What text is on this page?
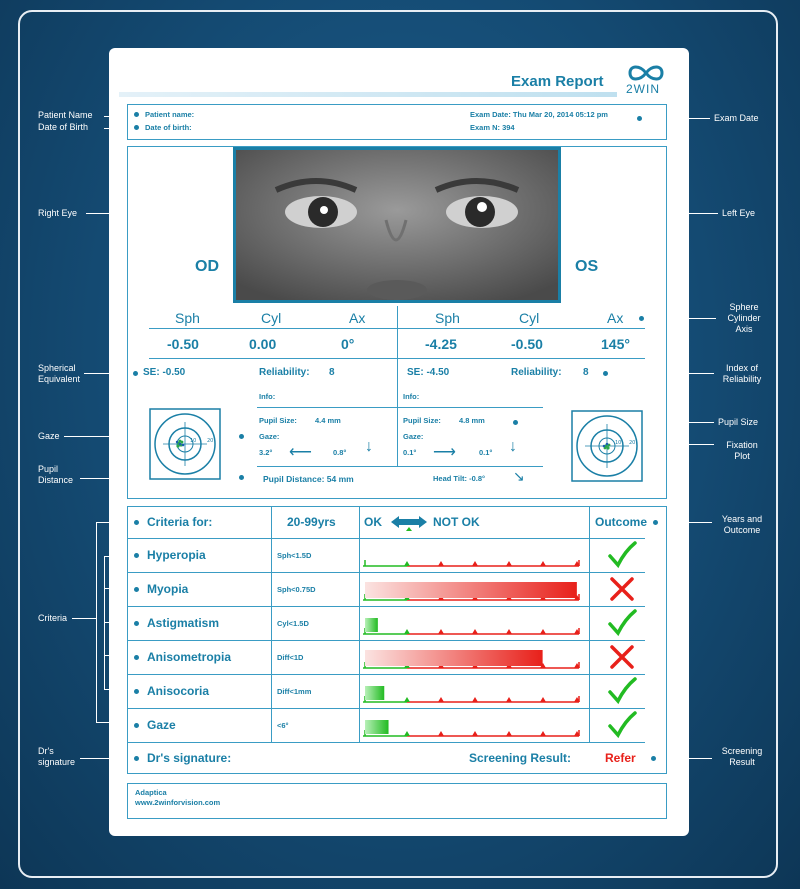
Patient Name
Date of Birth
Right Eye
Spherical
Equivalent
Gaze
Pupil
Distance
Criteria
Dr's
signature
Exam Date
Left Eye
Sphere
Cylinder
Axis
Index of
Reliability
Pupil Size
Fixation
Plot
Years and
Outcome
Screening
Result
Exam Report 2WIN
Patient name:
Date of birth:
Exam Date: Thu Mar 20, 2014 05:12 pm
Exam N: 394
OD	OS
Sph	Cyl	Ax	Sph	Cyl	Ax
-0.50	0.00	0°	-4.25	-0.50	145°
SE: -0.50	Reliability: 8	SE: -4.50	Reliability: 8
Info:	Info:
10 20
Pupil Size: 4.4 mm
Gaze:
3.2° ⟵	0.8° ↓
Pupil Size: 4.8 mm
Gaze:
0.1° ⟶	0.1° ↓
Pupil Distance: 54 mm	Head Tilt: -0.8° ↘
10 20
Criteria for:	20-99yrs OK	NOT OK	Outcome
Hyperopia	Sph<1.5D
Myopia	Sph<0.75D
Astigmatism	Cyl<1.5D
Anisometropia	Diff<1D
Anisocoria	Diff<1mm
Gaze	<6°
Dr's signature:	Screening Result:	Refer
Adaptica
www.2winforvision.com
